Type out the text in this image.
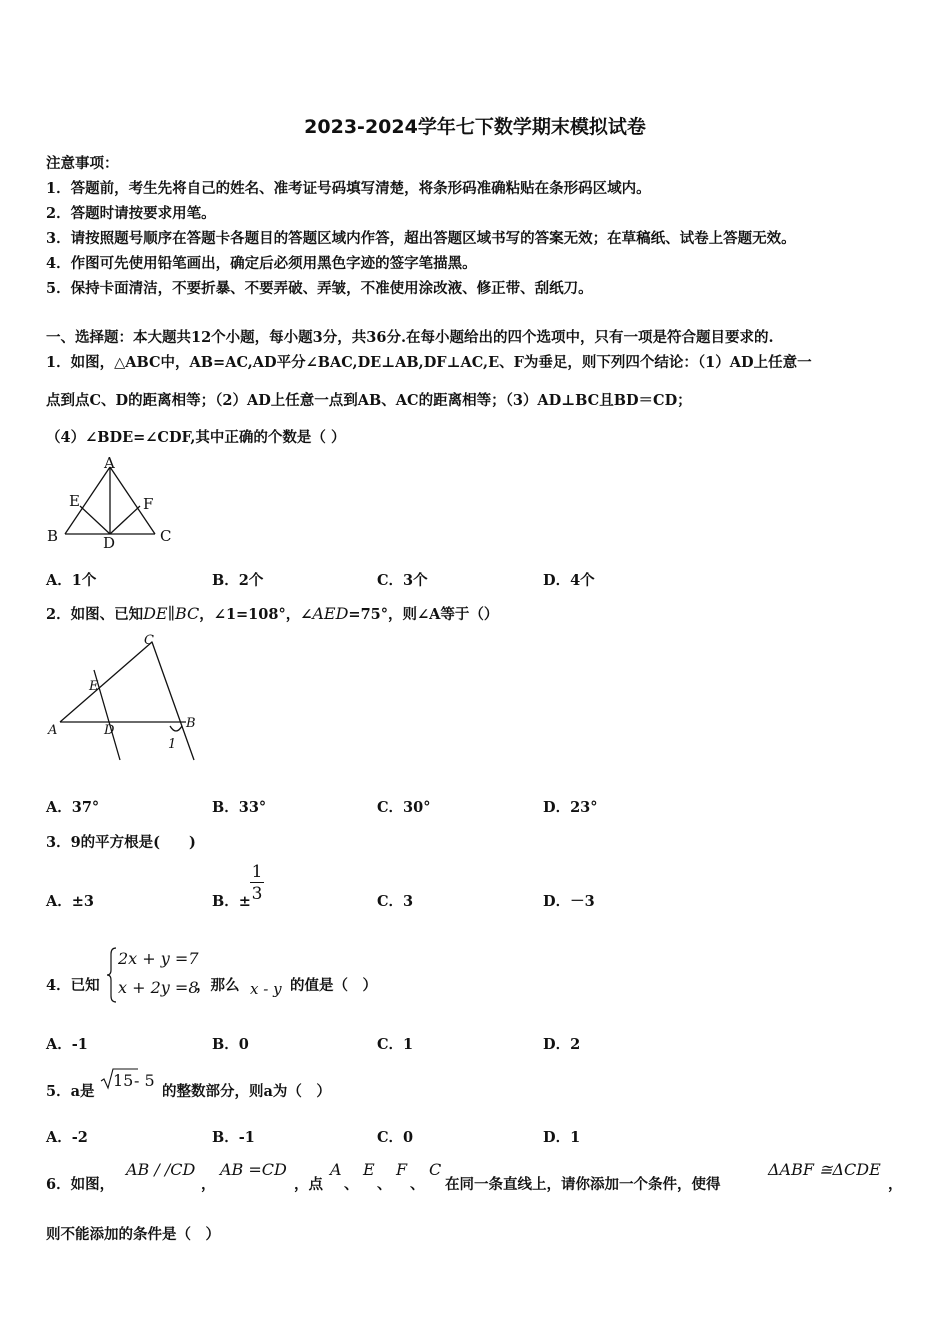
2023-2024学年七下数学期末模拟试卷
注意事项：
1．答题前，考生先将自己的姓名、准考证号码填写清楚，将条形码准确粘贴在条形码区域内。
2．答题时请按要求用笔。
3．请按照题号顺序在答题卡各题目的答题区域内作答，超出答题区域书写的答案无效；在草稿纸、试卷上答题无效。
4．作图可先使用铅笔画出，确定后必须用黑色字迹的签字笔描黑。
5．保持卡面清洁，不要折暴、不要弄破、弄皱，不准使用涂改液、修正带、刮纸刀。
一、选择题：本大题共12个小题，每小题3分，共36分.在每小题给出的四个选项中，只有一项是符合题目要求的.
1．如图，△ABC中，AB=AC,AD平分∠BAC,DE⊥AB,DF⊥AC,E、F为垂足，则下列四个结论：（1）AD上任意一
点到点C、D的距离相等；（2）AD上任意一点到AB、AC的距离相等；（3）AD⊥BC且BD＝CD；
（4）∠BDE=∠CDF,其中正确的个数是（ ）
A
B	C
D
E	F
A．1个	B．2个	C．3个	D．4个
2．如图、已知DE∥BC，∠1=108°，∠AED=75°，则∠A等于（）
A	B
C
D
E
1
A．37°	B．33°	C．30°	D．23°
3．9的平方根是(　　)
A．±3	B．±
1
3	C．3	D．－3
4．已知
2x + y =7
x + 2y =8
，那么 x - y 的值是（　）
A．-1	B．0	C．1	D．2
5．a是
15 - 5
的整数部分，则a为（　）
A．-2	B．-1	C．0	D．1
6．如图，
AB / /CD
，
AB =CD
，点
A
、
E
、
F
、
C
在同一条直线上，请你添加一个条件，使得
ΔABF ≅ΔCDE
，
则不能添加的条件是（　）
